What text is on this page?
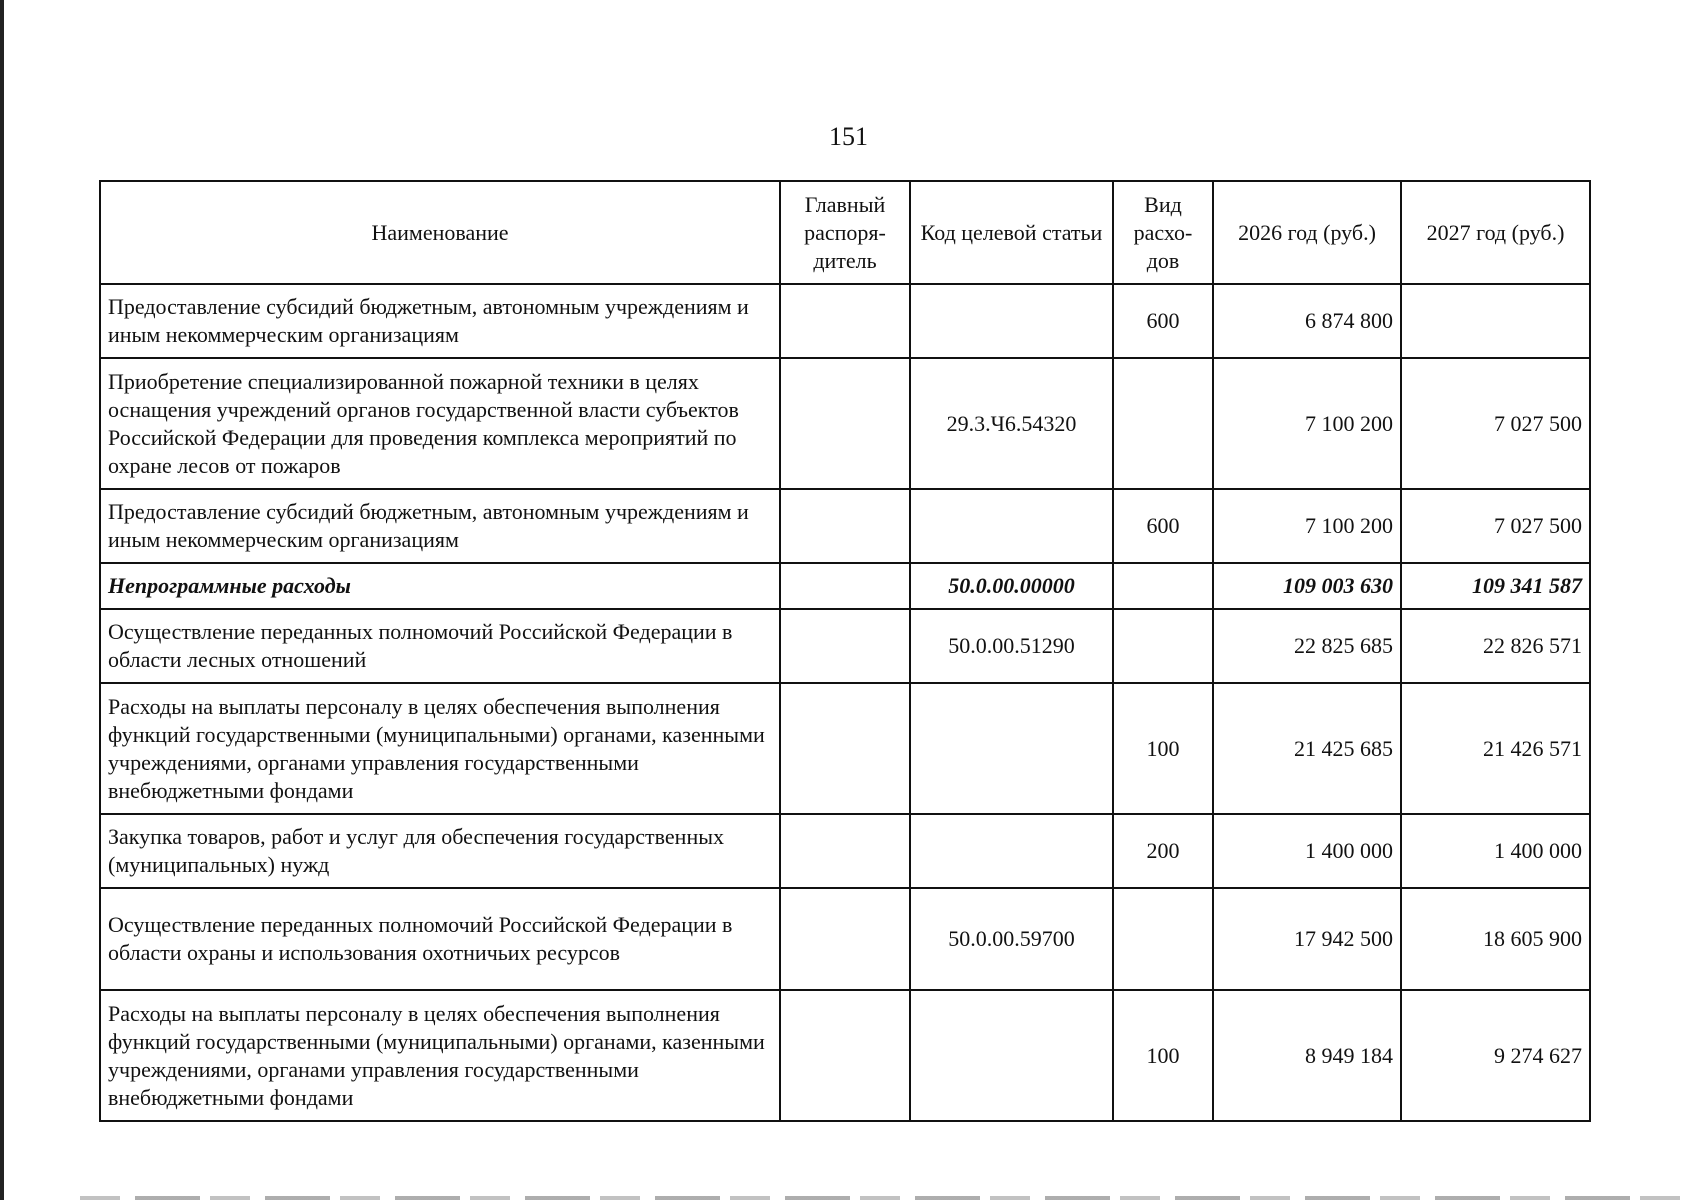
151
Наименование	Главный распоря-дитель	Код целевой статьи	Вид расхо-дов	2026 год (руб.)	2027 год (руб.)
Предоставление субсидий бюджетным, автономным учреждениям и иным некоммерческим организациям			600	6 874 800	
Приобретение специализированной пожарной техники в целях оснащения учреждений органов государственной власти субъектов Российской Федерации для проведения комплекса мероприятий по охране лесов от пожаров		29.3.Ч6.54320		7 100 200	7 027 500
Предоставление субсидий бюджетным, автономным учреждениям и иным некоммерческим организациям			600	7 100 200	7 027 500
Непрограммные расходы		50.0.00.00000		109 003 630	109 341 587
Осуществление переданных полномочий Российской Федерации в области лесных отношений		50.0.00.51290		22 825 685	22 826 571
Расходы на выплаты персоналу в целях обеспечения выполнения функций государственными (муниципальными) органами, казенными учреждениями, органами управления государственными внебюджетными фондами			100	21 425 685	21 426 571
Закупка товаров, работ и услуг для обеспечения государственных (муниципальных) нужд			200	1 400 000	1 400 000
Осуществление переданных полномочий Российской Федерации в области охраны и использования охотничьих ресурсов		50.0.00.59700		17 942 500	18 605 900
Расходы на выплаты персоналу в целях обеспечения выполнения функций государственными (муниципальными) органами, казенными учреждениями, органами управления государственными внебюджетными фондами			100	8 949 184	9 274 627
